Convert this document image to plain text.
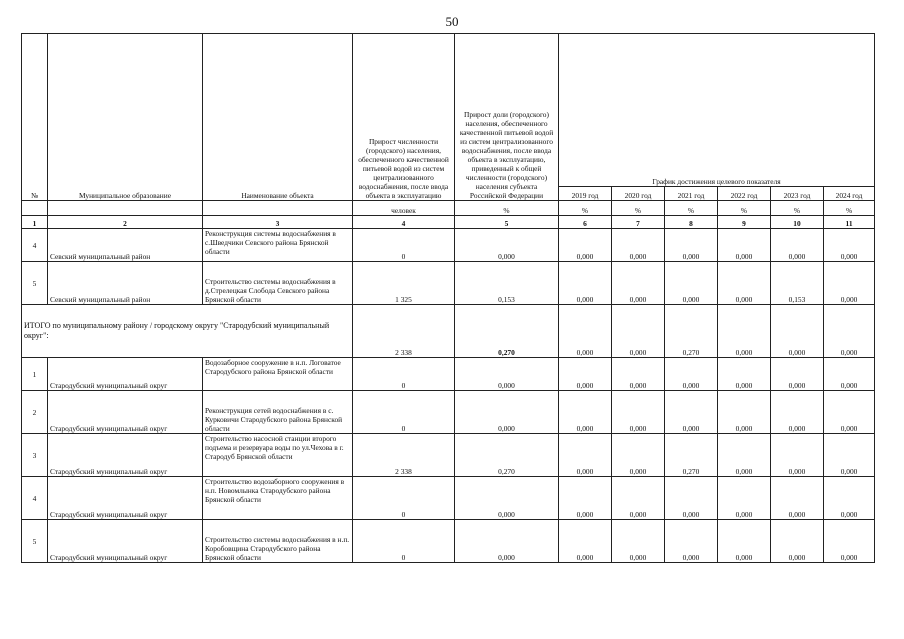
50
№	Муниципальное образование	Наименование объекта	Прирост численности (городского) населения, обеспеченного качественной питьевой водой из систем централизованного водоснабжения, после ввода объекта в эксплуатацию	Прирост доли (городского) населения, обеспеченного качественной питьевой водой из систем централизованного водоснабжения, после ввода объекта в эксплуатацию, приведенный к общей численности (городского) населения субъекта Российской Федерации	График достижения целевого показателя					
					2019 год	2020 год	2021 год	2022 год	2023 год	2024 год
			человек	%	%	%	%	%	%	%
1	2	3	4	5	6	7	8	9	10	11
4	Севский муниципальный район	Реконструкция системы водоснабжения в с.Шведчики Севского района Брянской области	0	0,000	0,000	0,000	0,000	0,000	0,000	0,000
5	Севский муниципальный район	Строительство системы водоснабжения в д.Стрелецкая Слобода Севского района Брянской области	1 325	0,153	0,000	0,000	0,000	0,000	0,153	0,000
ИТОГО по муниципальному району / городскому округу "Стародубский муниципальный округ":			2 338	0,270	0,000	0,000	0,270	0,000	0,000	0,000
1	Стародубский муниципальный округ	Водозаборное сооружение в н.п. Логоватое Стародубского района Брянской области	0	0,000	0,000	0,000	0,000	0,000	0,000	0,000
2	Стародубский муниципальный округ	Реконструкция сетей водоснабжения в с. Курковичи Стародубского района Брянской области	0	0,000	0,000	0,000	0,000	0,000	0,000	0,000
3	Стародубский муниципальный округ	Строительство насосной станции второго подъема и резервуара воды по ул.Чехова в г. Стародуб Брянской области	2 338	0,270	0,000	0,000	0,270	0,000	0,000	0,000
4	Стародубский муниципальный округ	Строительство водозаборного сооружения в н.п. Новомлынка Стародубского района Брянской области	0	0,000	0,000	0,000	0,000	0,000	0,000	0,000
5	Стародубский муниципальный округ	Строительство системы водоснабжения в н.п. Коробовщина Стародубского района Брянской области	0	0,000	0,000	0,000	0,000	0,000	0,000	0,000
